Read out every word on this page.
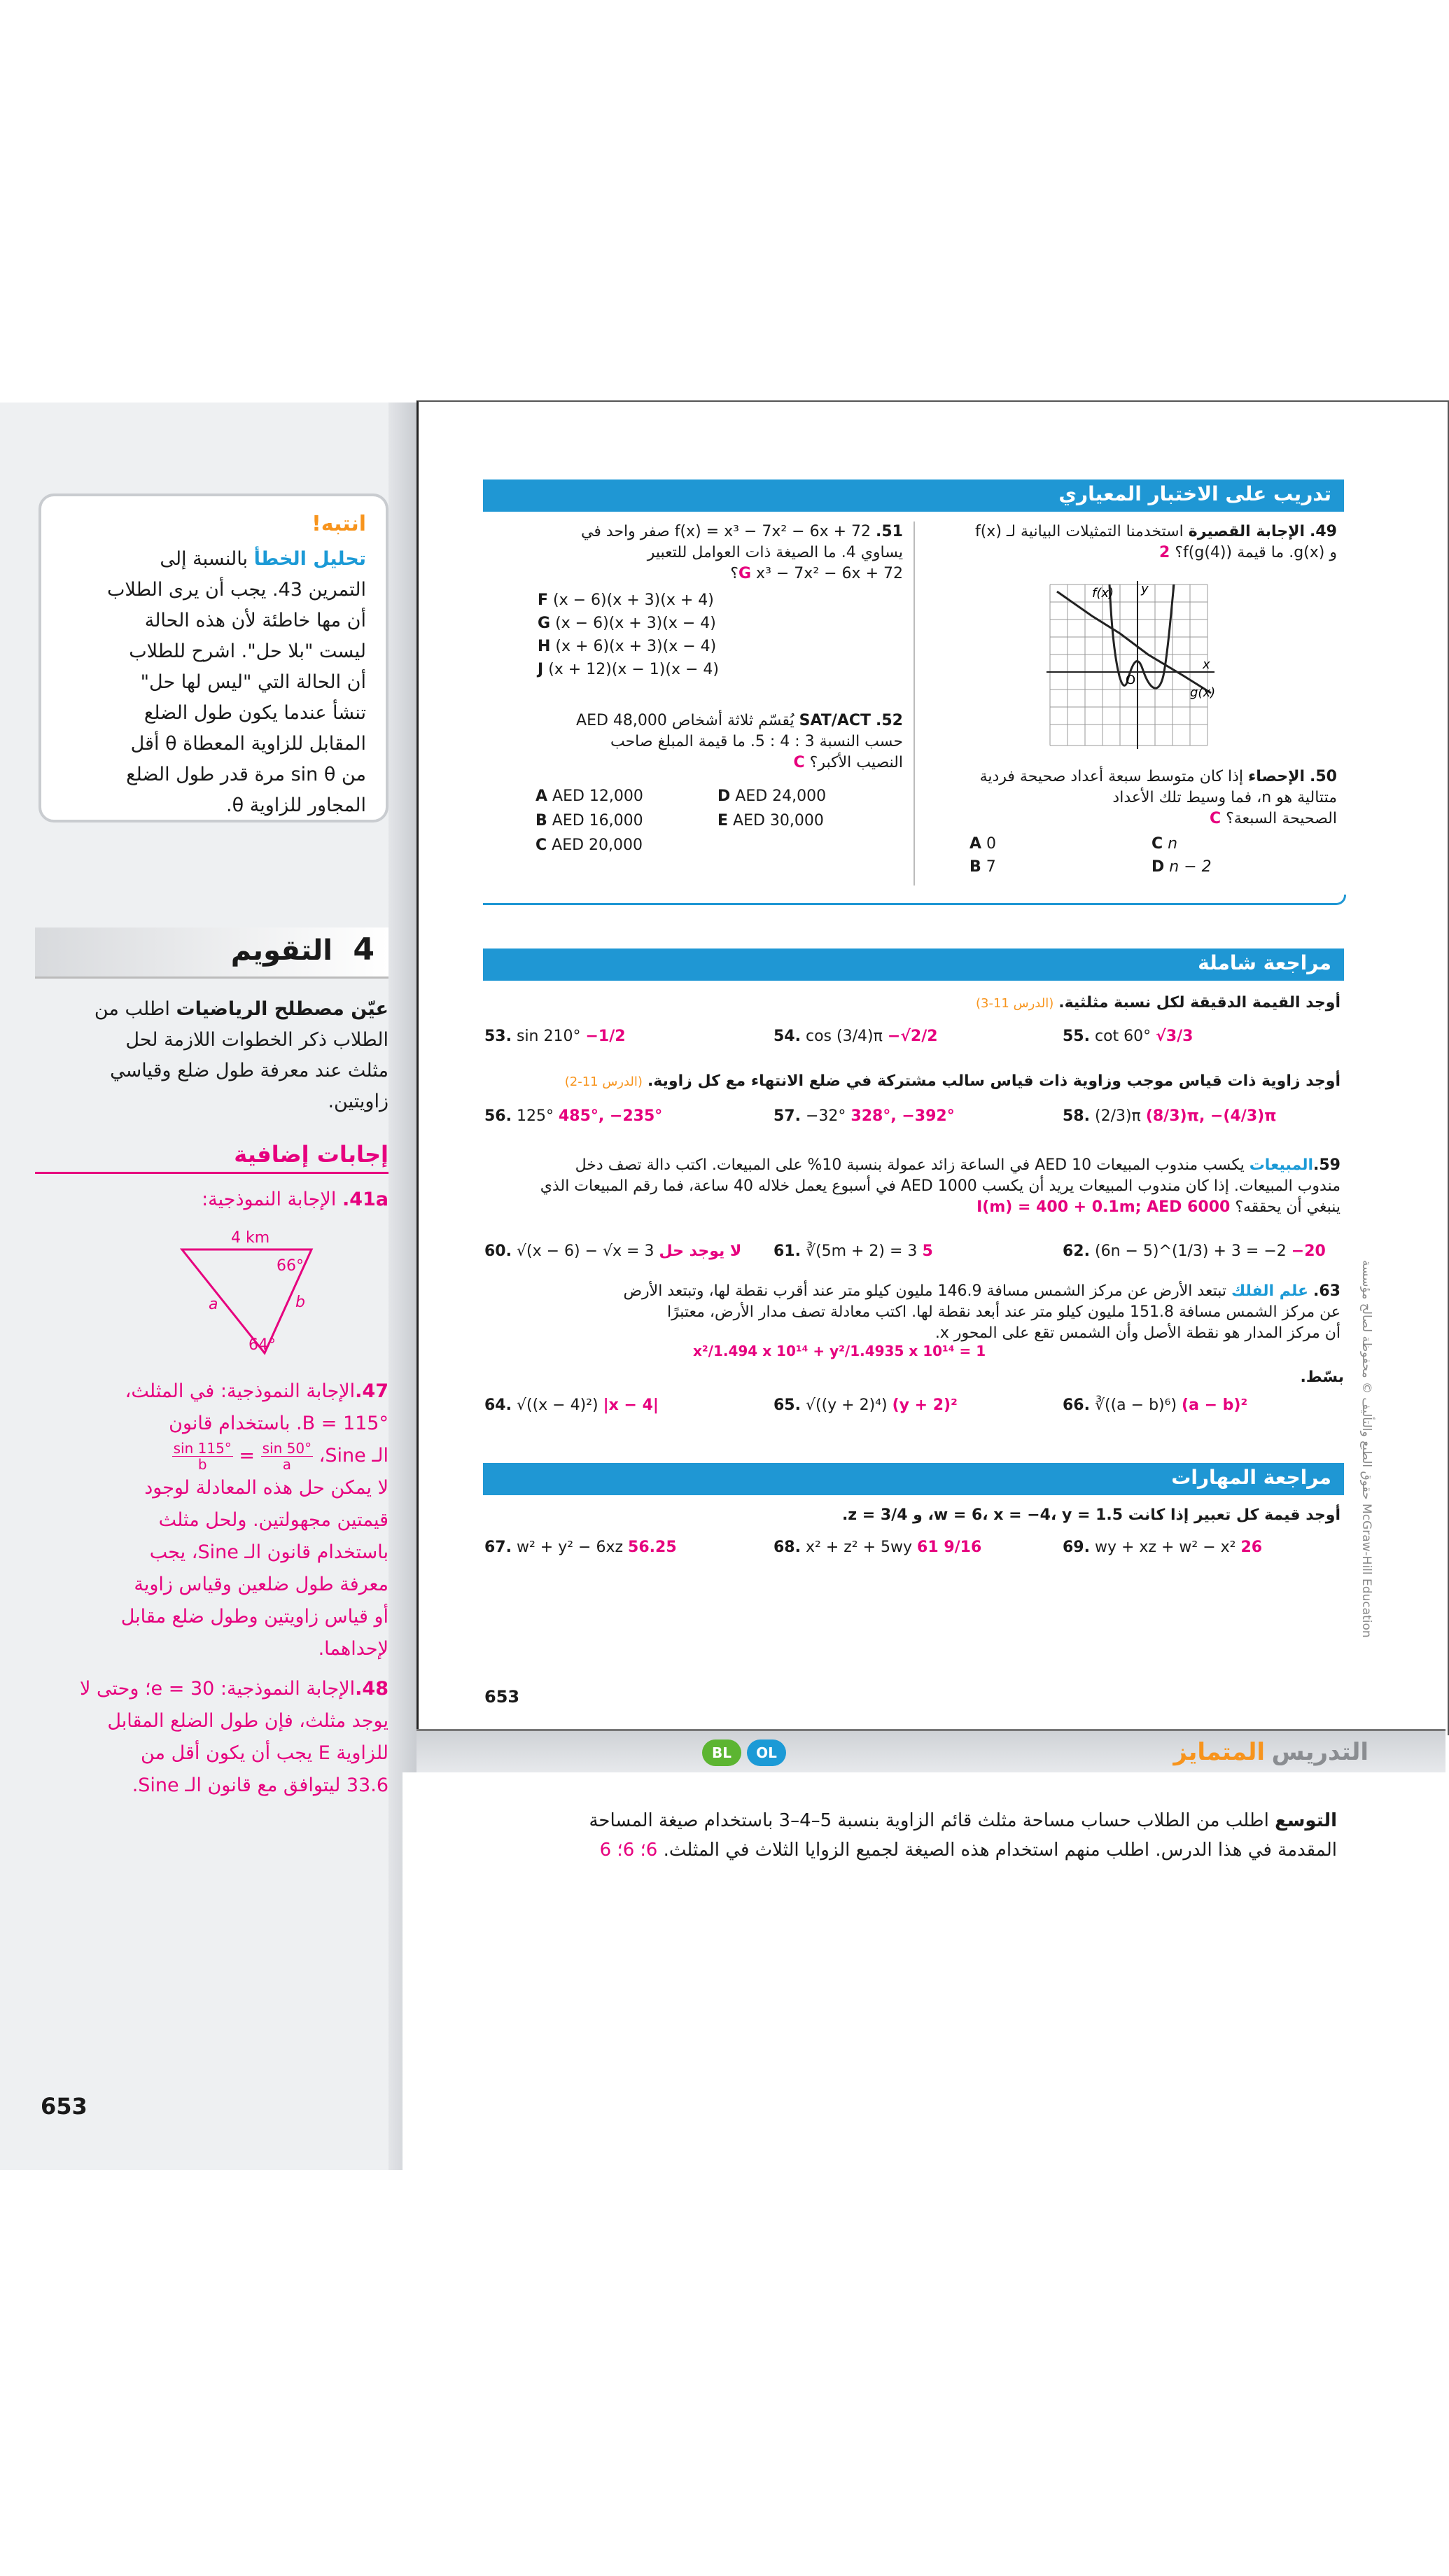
انتبه!
تحليل الخطأ بالنسبة إلى
التمرين 43. يجب أن يرى الطلاب
أن مها خاطئة لأن هذه الحالة
ليست "بلا حل". اشرح للطلاب
أن الحالة التي "ليس لها حل"
تنشأ عندما يكون طول الضلع
المقابل للزاوية المعطاة θ أقل
من sin θ مرة قدر طول الضلع
المجاور للزاوية θ.
4
التقويم
عيّن مصطلح الرياضيات اطلب من
الطلاب ذكر الخطوات اللازمة لحل
مثلث عند معرفة طول ضلع وقياسي
زاويتين.
إجابات إضافية
41a. الإجابة النموذجية:
4 km
66°
64°
a	b
47.الإجابة النموذجية: في المثلث،
B = 115°. باستخدام قانون
الـ Sine،
$\frac{\sin 50^\circ}{a}$
=
$\frac{\sin 115^\circ}{b}$
لا يمكن حل هذه المعادلة لوجود
قيمتين مجهولتين. ولحل مثلث
باستخدام قانون الـ Sine، يجب
معرفة طول ضلعين وقياس زاوية
أو قياس زاويتين وطول ضلع مقابل
لإحداهما.
48.الإجابة النموذجية: e = 30؛ وحتى لا
يوجد مثلث، فإن طول الضلع المقابل
للزاوية E يجب أن يكون أقل من
33.6 ليتوافق مع قانون الـ Sine.
653
تدريب على الاختبار المعياري
49. الإجابة القصيرة استخدمنا التمثيلات البيانية لـ f(x) و g(x). ما قيمة f(g(4))؟ 2
f(x) y
x
O
g(x)
50. الإحصاء إذا كان متوسط سبعة أعداد صحيحة فردية
متتالية هو n، فما وسيط تلك الأعداد
الصحيحة السبعة؟ C
A 0
B 7
C n
D n − 2
51. f(x) = x³ − 7x² − 6x + 72 صفر واحد في
يساوي 4. ما الصيغة ذات العوامل للتعبير
G x³ − 7x² − 6x + 72؟
F (x − 6)(x + 3)(x + 4)
G (x − 6)(x + 3)(x − 4)
H (x + 6)(x + 3)(x − 4)
J (x + 12)(x − 1)(x − 4)
52. SAT/ACT يُقسّم ثلاثة أشخاص AED 48,000
حسب النسبة 3 : 4 : 5. ما قيمة المبلغ صاحب
النصيب الأكبر؟ C
A AED 12,000
B AED 16,000
C AED 20,000
D AED 24,000
E AED 30,000
مراجعة شاملة
أوجد القيمة الدقيقة لكل نسبة مثلثية. (الدرس 11-3)
53. sin 210° −1/2	54. cos (3/4)π −√2/2	55. cot 60° √3/3
أوجد زاوية ذات قياس موجب وزاوية ذات قياس سالب مشتركة في ضلع الانتهاء مع كل زاوية. (الدرس 11-2)
56. 125° 485°, −235°	57. −32° 328°, −392°	58. (2/3)π (8/3)π, −(4/3)π
59.المبيعات يكسب مندوب المبيعات AED 10 في الساعة زائد عمولة بنسبة 10% على المبيعات. اكتب دالة تصف دخل
مندوب المبيعات. إذا كان مندوب المبيعات يريد أن يكسب AED 1000 في أسبوع يعمل خلاله 40 ساعة، فما رقم المبيعات الذي
ينبغي أن يحققه؟ I(m) = 400 + 0.1m; AED 6000
60. √(x − 6) − √x = 3 لا يوجد حل 61. ∛(5m + 2) = 3 5	62. (6n − 5)^(1/3) + 3 = −2 −20
63. علم الفلك تبتعد الأرض عن مركز الشمس مسافة 146.9 مليون كيلو متر عند أقرب نقطة لها، وتبتعد الأرض
عن مركز الشمس مسافة 151.8 مليون كيلو متر عند أبعد نقطة لها. اكتب معادلة تصف مدار الأرض، معتبرًا
أن مركز المدار هو نقطة الأصل وأن الشمس تقع على المحور x.
x²/1.494 x 10¹⁴ + y²/1.4935 x 10¹⁴ = 1
بسّط.
64. √((x − 4)²) |x − 4|	65. √((y + 2)⁴) (y + 2)²	66. ∛((a − b)⁶) (a − b)²
مراجعة المهارات
أوجد قيمة كل تعبير إذا كانت w = 6، x = −4، y = 1.5، و z = 3/4.
67. w² + y² − 6xz 56.25	68. x² + z² + 5wy 61 9/16	69. wy + xz + w² − x² 26
653
حقوق الطبع والتأليف © محفوظة لصالح مؤسسة McGraw-Hill Education
التدريس
المتمايز
OL
BL
التوسع اطلب من الطلاب حساب مساحة مثلث قائم الزاوية بنسبة 5–4–3 باستخدام صيغة المساحة
المقدمة في هذا الدرس. اطلب منهم استخدام هذه الصيغة لجميع الزوايا الثلاث في المثلث. 6؛ 6؛ 6
